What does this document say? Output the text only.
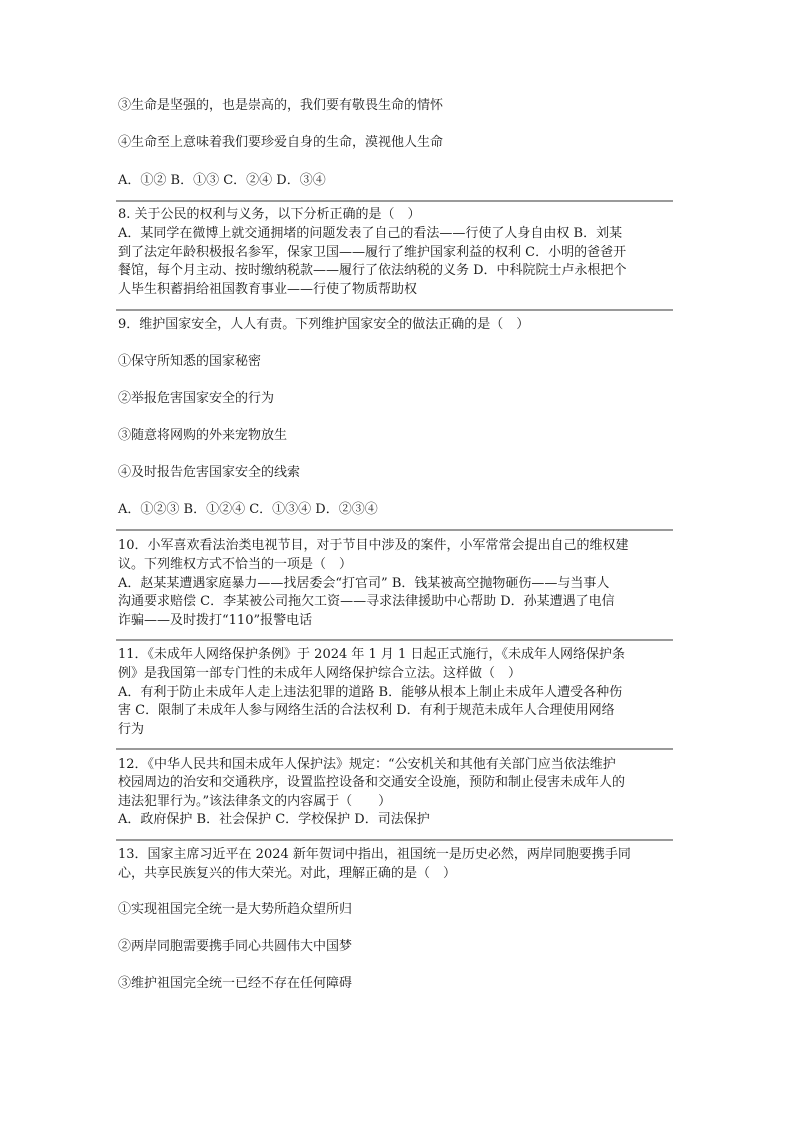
③生命是坚强的，也是崇高的，我们要有敬畏生命的情怀
④生命至上意味着我们要珍爱自身的生命，漠视他人生命
A．①② B．①③ C．②④ D．③④
8. 关于公民的权利与义务，以下分析正确的是（　）
A．某同学在微博上就交通拥堵的问题发表了自己的看法——行使了人身自由权 B．刘某
到了法定年龄积极报名参军，保家卫国——履行了维护国家利益的权利 C．小明的爸爸开
餐馆，每个月主动、按时缴纳税款——履行了依法纳税的义务 D．中科院院士卢永根把个
人毕生积蓄捐给祖国教育事业——行使了物质帮助权
9．维护国家安全，人人有责。下列维护国家安全的做法正确的是（　）
①保守所知悉的国家秘密
②举报危害国家安全的行为
③随意将网购的外来宠物放生
④及时报告危害国家安全的线索
A．①②③ B．①②④ C．①③④ D．②③④
10．小军喜欢看法治类电视节目，对于节目中涉及的案件，小军常常会提出自己的维权建
议。下列维权方式不恰当的一项是（　）
A．赵某某遭遇家庭暴力——找居委会“打官司” B．钱某被高空抛物砸伤——与当事人
沟通要求赔偿 C．李某被公司拖欠工资——寻求法律援助中心帮助 D．孙某遭遇了电信
诈骗——及时拨打“110”报警电话
11．《未成年人网络保护条例》于 2024 年 1 月 1 日起正式施行，《未成年人网络保护条
例》是我国第一部专门性的未成年人网络保护综合立法。这样做（　）
A．有利于防止未成年人走上违法犯罪的道路 B．能够从根本上制止未成年人遭受各种伤
害 C．限制了未成年人参与网络生活的合法权利 D．有利于规范未成年人合理使用网络
行为
12．《中华人民共和国未成年人保护法》规定：“公安机关和其他有关部门应当依法维护
校园周边的治安和交通秩序，设置监控设备和交通安全设施，预防和制止侵害未成年人的
违法犯罪行为。”该法律条文的内容属于（　　）
A．政府保护 B．社会保护 C．学校保护 D．司法保护
13．国家主席习近平在 2024 新年贺词中指出，祖国统一是历史必然，两岸同胞要携手同
心，共享民族复兴的伟大荣光。对此，理解正确的是（　）
①实现祖国完全统一是大势所趋众望所归
②两岸同胞需要携手同心共圆伟大中国梦
③维护祖国完全统一已经不存在任何障碍
